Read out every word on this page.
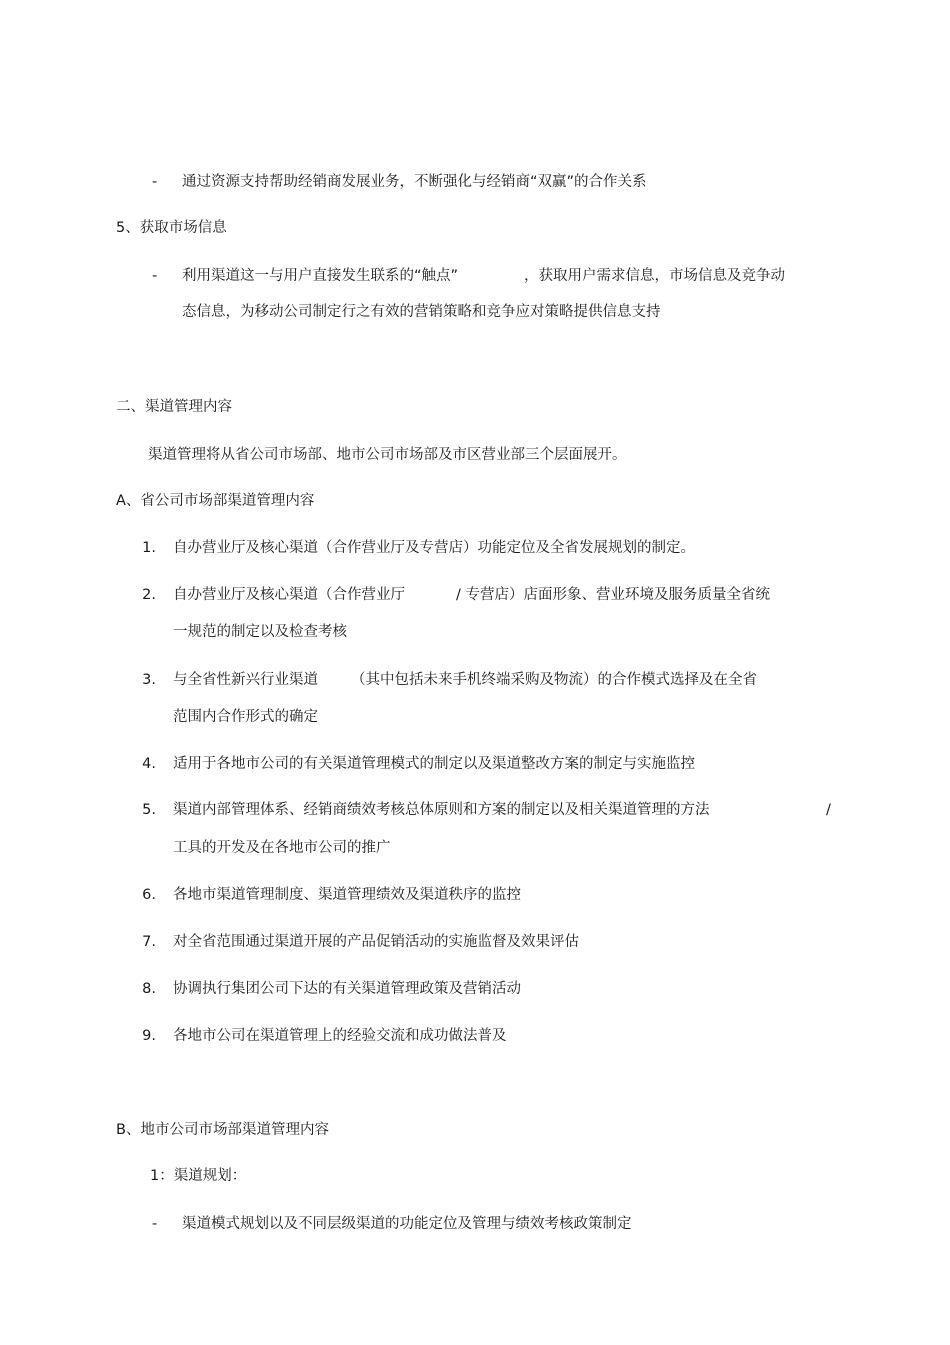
- 通过资源支持帮助经销商发展业务，不断强化与经销商“双赢”的合作关系
5、获取市场信息
- 利用渠道这一与用户直接发生联系的“触点”	，获取用户需求信息，市场信息及竞争动
态信息，为移动公司制定行之有效的营销策略和竞争应对策略提供信息支持
二、渠道管理内容
渠道管理将从省公司市场部、地市公司市场部及市区营业部三个层面展开。
A、省公司市场部渠道管理内容
1. 自办营业厅及核心渠道（合作营业厅及专营店）功能定位及全省发展规划的制定。
2. 自办营业厅及核心渠道（合作营业厅	/ 专营店）店面形象、营业环境及服务质量全省统
一规范的制定以及检查考核
3. 与全省性新兴行业渠道 （其中包括未来手机终端采购及物流）的合作模式选择及在全省
范围内合作形式的确定
4. 适用于各地市公司的有关渠道管理模式的制定以及渠道整改方案的制定与实施监控
5. 渠道内部管理体系、经销商绩效考核总体原则和方案的制定以及相关渠道管理的方法	/
工具的开发及在各地市公司的推广
6. 各地市渠道管理制度、渠道管理绩效及渠道秩序的监控
7. 对全省范围通过渠道开展的产品促销活动的实施监督及效果评估
8. 协调执行集团公司下达的有关渠道管理政策及营销活动
9. 各地市公司在渠道管理上的经验交流和成功做法普及
B、地市公司市场部渠道管理内容
1：渠道规划：
- 渠道模式规划以及不同层级渠道的功能定位及管理与绩效考核政策制定
